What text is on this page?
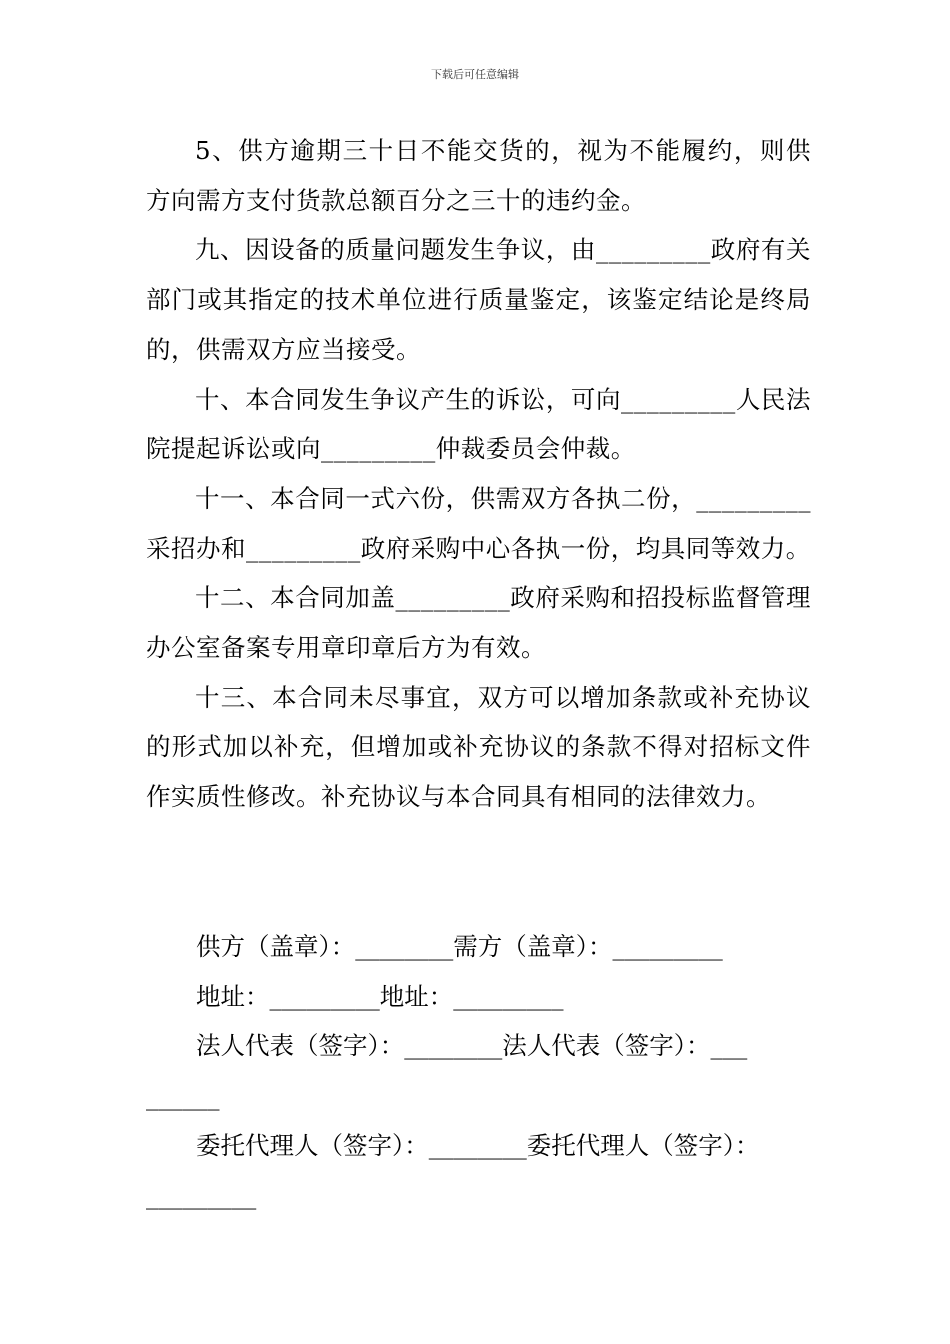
下载后可任意编辑

5、供方逾期三十日不能交货的，视为不能履约，则供方向需方支付货款总额百分之三十的违约金。

九、因设备的质量问题发生争议，由_________政府有关部门或其指定的技术单位进行质量鉴定，该鉴定结论是终局的，供需双方应当接受。

十、本合同发生争议产生的诉讼，可向_________人民法院提起诉讼或向_________仲裁委员会仲裁。

十一、本合同一式六份，供需双方各执二份，_________采招办和_________政府采购中心各执一份，均具同等效力。

十二、本合同加盖_________政府采购和招投标监督管理办公室备案专用章印章后方为有效。

十三、本合同未尽事宜，双方可以增加条款或补充协议的形式加以补充，但增加或补充协议的条款不得对招标文件作实质性修改。补充协议与本合同具有相同的法律效力。

供方（盖章）：________需方（盖章）：_________
地址：_________地址：_________
法人代表（签字）：________法人代表（签字）：___
______
委托代理人（签字）：________委托代理人（签字）：
_________
